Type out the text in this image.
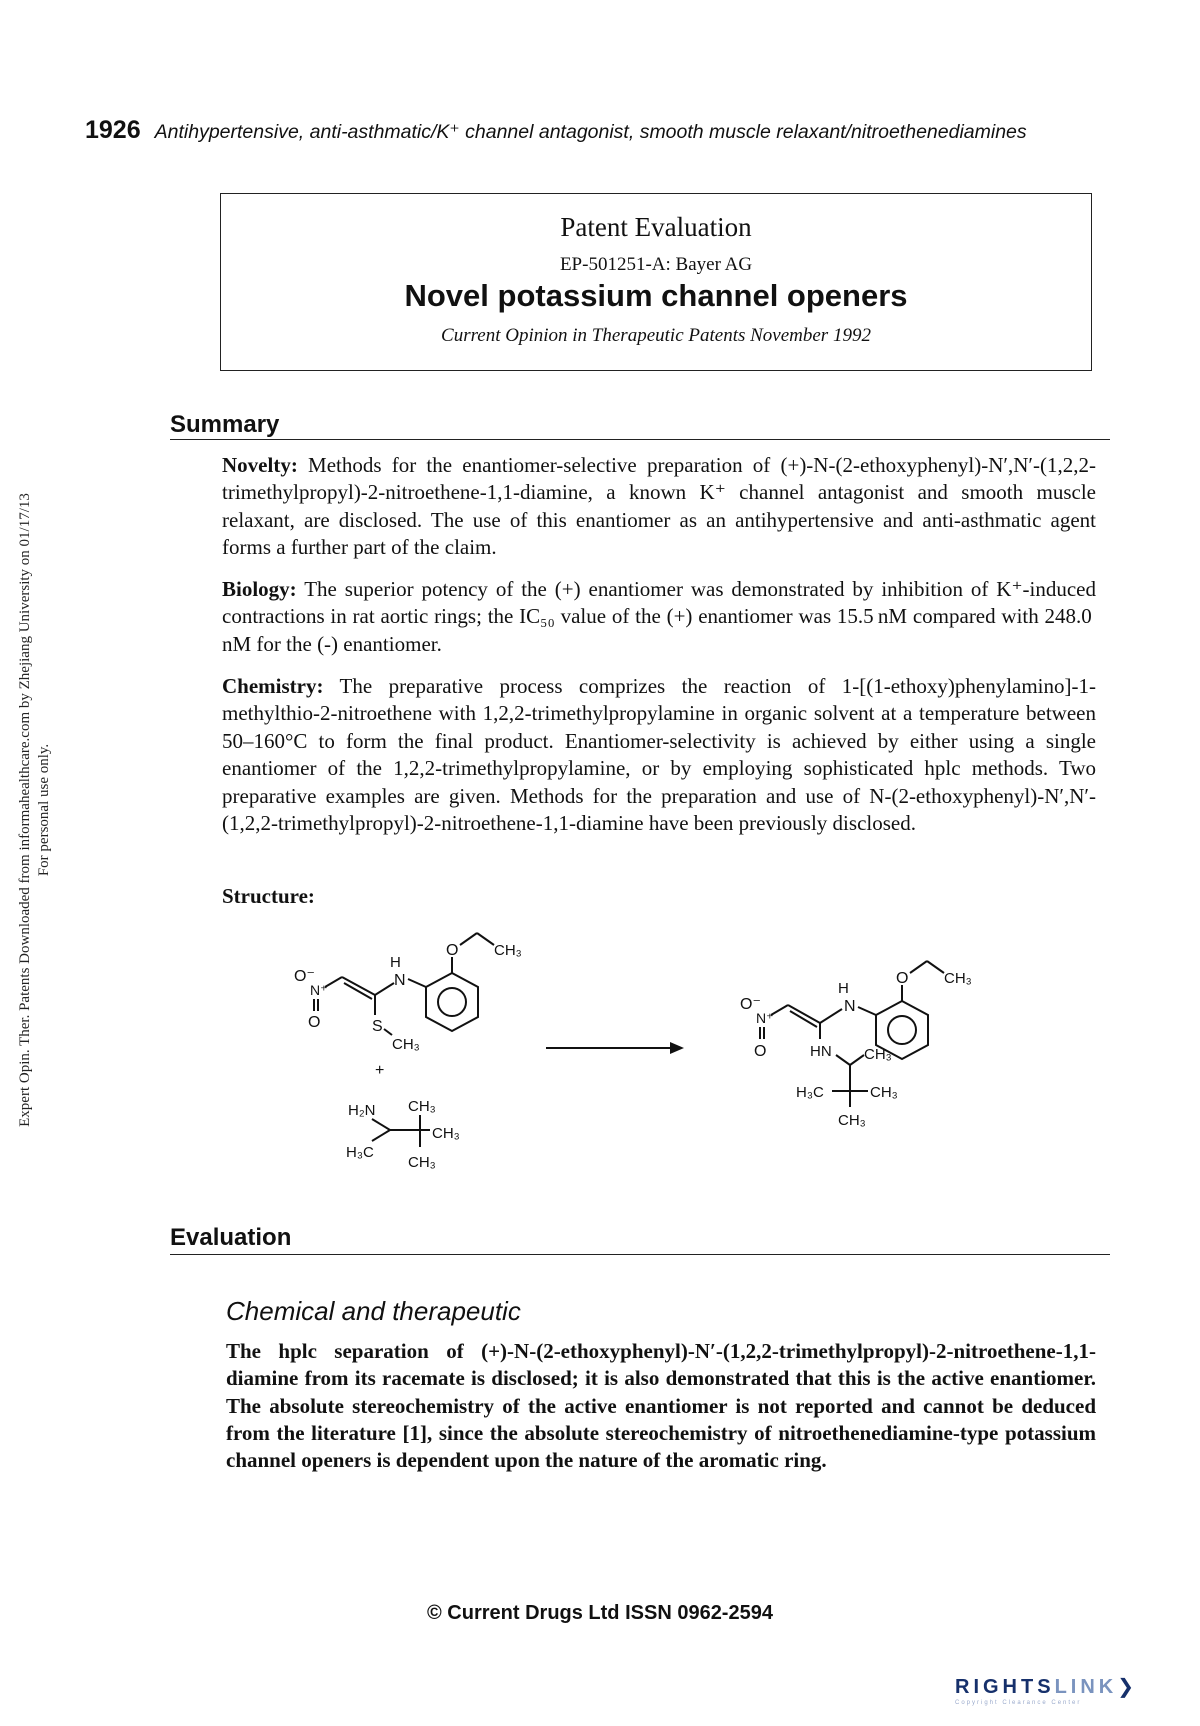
Expert Opin. Ther. Patents Downloaded from informahealthcare.com by Zhejiang University on 01/17/13 For personal use only.
1926 Antihypertensive, anti-asthmatic/K⁺ channel antagonist, smooth muscle relaxant/nitroethenediamines
Patent Evaluation
EP-501251-A: Bayer AG
Novel potassium channel openers
Current Opinion in Therapeutic Patents November 1992
Summary

Novelty: Methods for the enantiomer-selective preparation of (+)-N-(2-ethoxyphenyl)-N′,N′-(1,2,2-trimethylpropyl)-2-nitroethene-1,1-diamine, a known K⁺ channel antagonist and smooth muscle relaxant, are disclosed. The use of this enantiomer as an antihypertensive and anti-asthmatic agent forms a further part of the claim.

Biology: The superior potency of the (+) enantiomer was demonstrated by inhibition of K⁺-induced contractions in rat aortic rings; the IC₅₀ value of the (+) enantiomer was 15.5 nM compared with 248.0 nM for the (-) enantiomer.

Chemistry: The preparative process comprizes the reaction of 1-[(1-ethoxy)phenylamino]-1-methylthio-2-nitroethene with 1,2,2-trimethylpropylamine in organic solvent at a temperature between 50–160°C to form the final product. Enantiomer-selectivity is achieved by either using a single enantiomer of the 1,2,2-trimethylpropylamine, or by employing sophisticated hplc methods. Two preparative examples are given. Methods for the preparation and use of N-(2-ethoxyphenyl)-N′,N′-(1,2,2-trimethylpropyl)-2-nitroethene-1,1-diamine have been previously disclosed.

Structure:
O⁻
N⁺
O	S
CH₃
H
N
O CH₃
+
H₂N
H₃C
CH₃
CH₃
CH₃
O⁻
N⁺
O	HN CH₃
H₃C	CH₃
CH₃
H
N
O CH₃
Evaluation
Chemical and therapeutic

The hplc separation of (+)-N-(2-ethoxyphenyl)-N′-(1,2,2-trimethylpropyl)-2-nitroethene-1,1-diamine from its racemate is disclosed; it is also demonstrated that this is the active enantiomer. The absolute stereochemistry of the active enantiomer is not reported and cannot be deduced from the literature [1], since the absolute stereochemistry of nitroethenediamine-type potassium channel openers is dependent upon the nature of the aromatic ring.

© Current Drugs Ltd ISSN 0962-2594
RIGHTSLINK❯
Copyright Clearance Center
